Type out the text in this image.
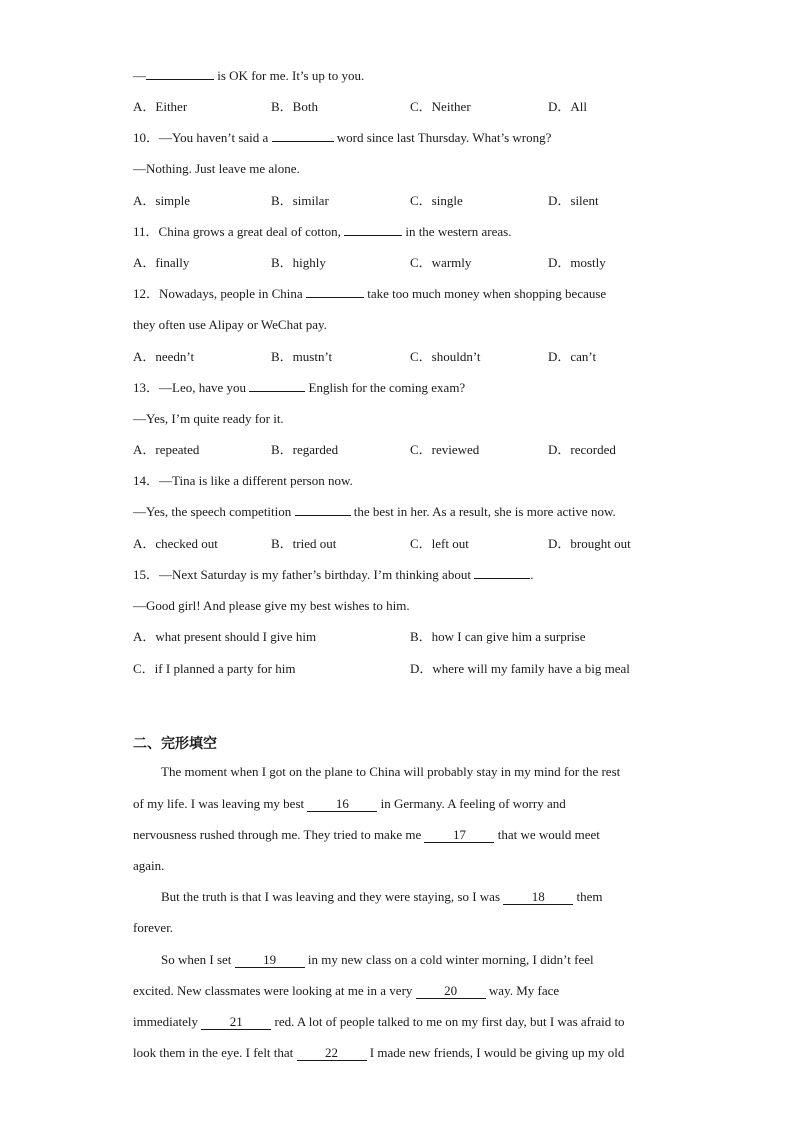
—	is OK for me. It’s up to you.
A．Either	B．Both	C．Neither	D．All
10．—You haven’t said a	word since last Thursday. What’s wrong?
—Nothing. Just leave me alone.
A．simple	B．similar	C．single	D．silent
11．China grows a great deal of cotton,	in the western areas.
A．finally	B．highly	C．warmly	D．mostly
12．Nowadays, people in China	take too much money when shopping because
they often use Alipay or WeChat pay.
A．needn’t	B．mustn’t	C．shouldn’t	D．can’t
13．—Leo, have you	English for the coming exam?
—Yes, I’m quite ready for it.
A．repeated	B．regarded	C．reviewed	D．recorded
14．—Tina is like a different person now.
—Yes, the speech competition	the best in her. As a result, she is more active now.
A．checked out	B．tried out	C．left out	D．brought out
15．—Next Saturday is my father’s birthday. I’m thinking about	.
—Good girl! And please give my best wishes to him.
A．what present should I give him	B．how I can give him a surprise
C．if I planned a party for him	D．where will my family have a big meal
二、完形填空
The moment when I got on the plane to China will probably stay in my mind for the rest
of my life. I was leaving my best 16 in Germany. A feeling of worry and
nervousness rushed through me. They tried to make me 17 that we would meet
again.
But the truth is that I was leaving and they were staying, so I was 18 them
forever.
So when I set 19 in my new class on a cold winter morning, I didn’t feel
excited. New classmates were looking at me in a very 20 way. My face
immediately 21 red. A lot of people talked to me on my first day, but I was afraid to
look them in the eye. I felt that 22 I made new friends, I would be giving up my old
